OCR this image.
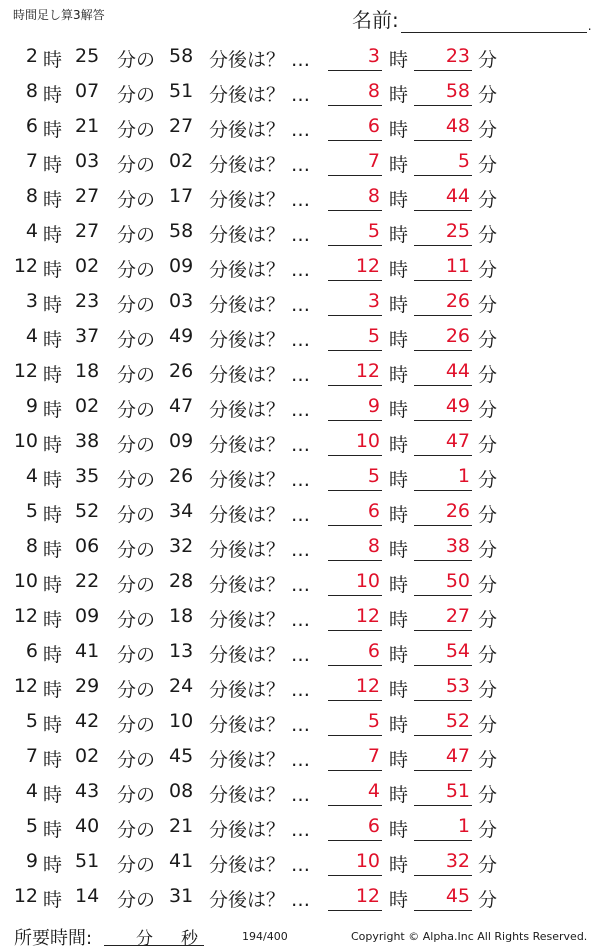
時間足し算3解答	名前:	.
2 時 25 分の 58 分後は？ …	3 時	23 分
8 時 07 分の 51 分後は？ …	8 時	58 分
6 時 21 分の 27 分後は？ …	6 時	48 分
7 時 03 分の 02 分後は？ …	7 時	5 分
8 時 27 分の 17 分後は？ …	8 時	44 分
4 時 27 分の 58 分後は？ …	5 時	25 分
12 時 02 分の 09 分後は？ …	12 時	11 分
3 時 23 分の 03 分後は？ …	3 時	26 分
4 時 37 分の 49 分後は？ …	5 時	26 分
12 時 18 分の 26 分後は？ …	12 時	44 分
9 時 02 分の 47 分後は？ …	9 時	49 分
10 時 38 分の 09 分後は？ …	10 時	47 分
4 時 35 分の 26 分後は？ …	5 時	1 分
5 時 52 分の 34 分後は？ …	6 時	26 分
8 時 06 分の 32 分後は？ …	8 時	38 分
10 時 22 分の 28 分後は？ …	10 時	50 分
12 時 09 分の 18 分後は？ …	12 時	27 分
6 時 41 分の 13 分後は？ …	6 時	54 分
12 時 29 分の 24 分後は？ …	12 時	53 分
5 時 42 分の 10 分後は？ …	5 時	52 分
7 時 02 分の 45 分後は？ …	7 時	47 分
4 時 43 分の 08 分後は？ …	4 時	51 分
5 時 40 分の 21 分後は？ …	6 時	1 分
9 時 51 分の 41 分後は？ …	10 時	32 分
12 時 14 分の 31 分後は？ …	12 時	45 分
所要時間:	分 秒	194/400	Copyright © Alpha.Inc All Rights Reserved.
